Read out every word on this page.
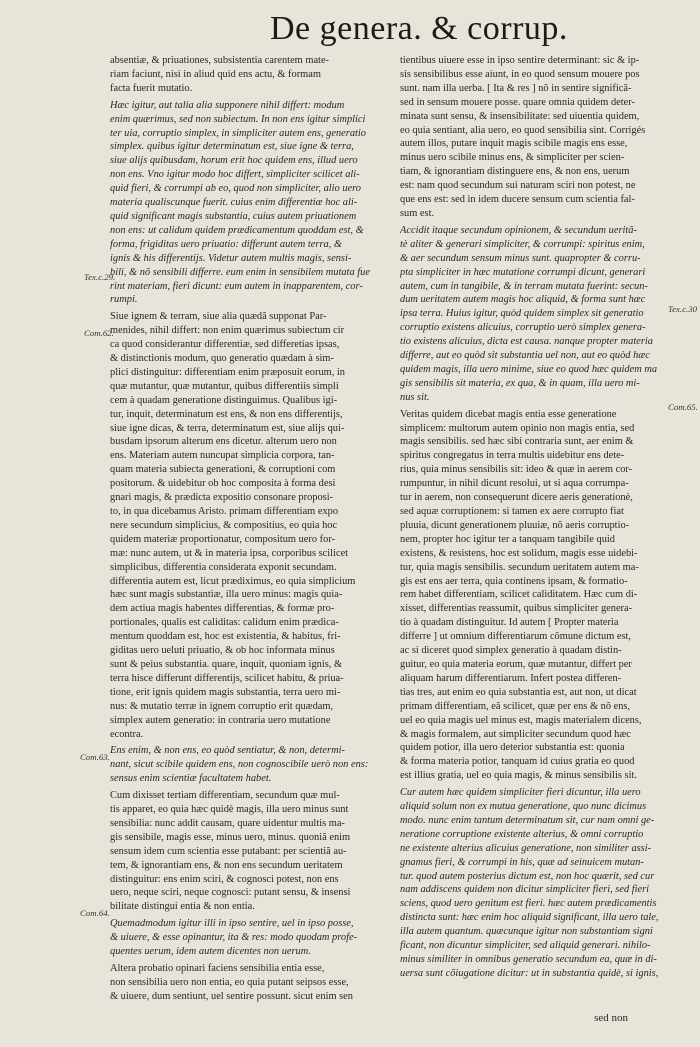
De genera. & corrup.
Tex.c.29.
Com.62.
Com.63.
Com.64.
Tex.c.30
Com.65.
absentiæ, & priuationes, subsistentia carentem mate-
riam faciunt, nisi in aliud quid ens actu, & formam
facta fuerit mutatio.
Hæc igitur, aut talia alia supponere nihil differt: modum
enim quærimus, sed non subiectum. In non ens igitur simplici
ter uia, corruptio simplex, in simpliciter autem ens, generatio
simplex. quibus igitur determinatum est, siue igne & terra,
siue alijs quibusdam, horum erit hoc quidem ens, illud uero
non ens. Vno igitur modo hoc differt, simpliciter scilicet ali-
quid fieri, & corrumpi ab eo, quod non simpliciter, alio uero
materia qualiscunque fuerit. cuius enim differentiæ hoc ali-
quid significant magis substantia, cuius autem priuationem
non ens: ut calidum quidem prædicamentum quoddam est, &
forma, frigiditas uero priuatio: differunt autem terra, &
ignis & his differentijs. Videtur autem multis magis, sensi-
bili, & nõ sensibili differre. eum enim in sensibilem mutata fue
rint materiam, fieri dicunt: eum autem in inapparentem, cor-
rumpi.
Siue ignem & terram, siue alia quædã supponat Par-
menides, nihil differt: non enim quærimus subiectum cir
ca quod considerantur differentiæ, sed differetias ipsas,
& distinctionis modum, quo generatio quædam à sim-
plici distinguitur: differentiam enim præposuit eorum, in
quæ mutantur, quæ mutantur, quibus differentiis simpli
cem à quadam generatione distinguimus. Qualibus igi-
tur, inquit, determinatum est ens, & non ens differentijs,
siue igne dicas, & terra, determinatum est, siue alijs qui-
busdam ipsorum alterum ens dicetur. alterum uero non
ens. Materiam autem nuncupat simplicia corpora, tan-
quam materia subiecta generationi, & corruptioni com
positorum. & uidebitur ob hoc composita à forma desi
gnari magis, & prædicta expositio consonare proposi-
to, in qua dicebamus Aristo. primam differentiam expo
nere secundum simplicius, & compositius, eo quia hoc
quidem materiæ proportionatur, compositum uero for-
mæ: nunc autem, ut & in materia ipsa, corporibus scilicet
simplicibus, differentia considerata exponit secundam.
differentia autem est, licut prædiximus, eo quia simplicium
hæc sunt magis substantiæ, illa uero minus: magis quia-
dem actiua magis habentes differentias, & formæ pro-
portionales, qualis est caliditas: calidum enim prædica-
mentum quoddam est, hoc est existentia, & habitus, fri-
giditas uero ueluti priuatio, & ob hoc informata minus
sunt & peius substantia. quare, inquit, quoniam ignis, &
terra hisce differunt differentijs, scilicet habitu, & priua-
tione, erit ignis quidem magis substantia, terra uero mi-
nus: & mutatio terræ in ignem corruptio erit quædam,
simplex autem generatio: in contraria uero mutatione
econtra.
Ens enim, & non ens, eo quòd sentiatur, & non, determi-
nant, sicut scibile quidem ens, non cognoscibile uerò non ens:
sensus enim scientiæ facultatem habet.
Cum dixisset tertiam differentiam, secundum quæ mul-
tis apparet, eo quia hæc quidè magis, illa uero minus sunt
sensibilia: nunc addit causam, quare uidentur multis ma-
gis sensibile, magis esse, minus uero, minus. quoniã enim
sensum idem cum scientia esse putabant: per scientiã au-
tem, & ignorantiam ens, & non ens secundum ueritatem
distinguitur: ens enim sciri, & cognosci potest, non ens
uero, neque sciri, neque cognosci: putant sensu, & insensi
bilitate distingui entia & non entia.
Quemadmodum igitur illi in ipso sentire, uel in ipso posse,
& uiuere, & esse opinantur, ita & res: modo quodam profe-
quentes uerum, idem autem dicentes non uerum.
Altera probatio opinari faciens sensibilia entia esse,
non sensibilia uero non entia, eo quia putant seipsos esse,
& uiuere, dum sentiunt, uel sentire possunt. sicut enim sen
tientibus uiuere esse in ipso sentire determinant: sic & ip-
sis sensibilibus esse aiunt, in eo quod sensum mouere pos
sunt. nam illa uerba. [ Ita & res ] nõ in sentire significã-
sed in sensum mouere posse. quare omnia quidem deter-
minata sunt sensu, & insensibilitate: sed uiuentia quidem,
eo quia sentiant, alia uero, eo quod sensibilia sint. Corrigés
autem illos, putare inquit magis scibile magis ens esse,
minus uero scibile minus ens, & simpliciter per scien-
tiam, & ignorantiam distinguere ens, & non ens, uerum
est: nam quod secundum sui naturam sciri non potest, ne
que ens est: sed in idem ducere sensum cum scientia fal-
sum est.
Accidit itaque secundum opinionem, & secundum ueritã-
tè aliter & generari simpliciter, & corrumpi: spiritus enim,
& aer secundum sensum minus sunt. quapropter & corru-
pta simpliciter in hæc mutatione corrumpi dicunt, generari
autem, cum in tangibile, & in terram mutata fuerint: secun-
dum ueritatem autem magis hoc aliquid, & forma sunt hæc
ipsa terra. Huius igitur, quòd quidem simplex sit generatio
corruptio existens alicuius, corruptio uerò simplex genera-
tio existens alicuius, dicta est causa. nanque propter materia
differre, aut eo quòd sit substantia uel non, aut eo quòd hæc
quidem magis, illa uero minime, siue eo quod hæc quidem ma
gis sensibilis sit materia, ex qua, & in quam, illa uero mi-
nus sit.
Veritas quidem dicebat magis entia esse generatione
simplicem: multorum autem opinio non magis entia, sed
magis sensibilis. sed hæc sibi contraria sunt, aer enim &
spiritus congregatus in terra multis uidebitur ens dete-
rius, quia minus sensibilis sit: ideo & quæ in aerem cor-
rumpuntur, in nihil dicunt resolui, ut si aqua corrumpa-
tur in aerem, non consequerunt dicere aeris generationè,
sed aquæ corruptionem: si tamen ex aere corrupto fiat
pluuia, dicunt generationem pluuiæ, nõ aeris corruptio-
nem, propter hoc igitur ter a tanquam tangibile quid
existens, & resistens, hoc est solidum, magis esse uidebi-
tur, quia magis sensibilis. secundum ueritatem autem ma-
gis est ens aer terra, quia continens ipsam, & formatio-
rem habet differentiam, scilicet caliditatem. Hæc cum di-
xisset, differentias reassumit, quibus simpliciter genera-
tio à quadam distinguitur. Id autem [ Propter materia
differre ] ut omnium differentiarum cõmune dictum est,
ac si diceret quod simplex generatio à quadam distin-
guitur, eo quia materia eorum, quæ mutantur, differt per
aliquam harum differentiarum. Infert postea differen-
tias tres, aut enim eo quia substantia est, aut non, ut dicat
primam differentiam, eã scilicet, quæ per ens & nõ ens,
uel eo quia magis uel minus est, magis materialem dicens,
& magis formalem, aut simpliciter secundum quod hæc
quidem potior, illa uero deterior substantia est: quonia
& forma materia potior, tanquam id cuius gratia eo quod
est illius gratia, uel eo quia magis, & minus sensibilis sit.
Cur autem hæc quidem simpliciter fieri dicuntur, illa uero
aliquid solum non ex mutua generatione, quo nunc dicimus
modo. nunc enim tantum determinatum sit, cur nam omni ge-
neratione corruptione existente alterius, & omni corruptio
ne existente alterius alicuius generatione, non similiter assi-
gnamus fieri, & corrumpi in his, quæ ad seinuicem mutan-
tur. quod autem posterius dictum est, non hoc quærit, sed cur
nam addiscens quidem non dicitur simpliciter fieri, sed fieri
sciens, quod uero genitum est fieri. hæc autem prædicamentis
distincta sunt: hæc enim hoc aliquid significant, illa uero tale,
illa autem quantum. quæcunque igitur non substantiam signi
ficant, non dicuntur simpliciter, sed aliquid generari. nihilo-
minus similiter in omnibus generatio secundum ea, quæ in di-
uersa sunt cõiugatione dicitur: ut in substantia quidè, si ignis,
sed non
